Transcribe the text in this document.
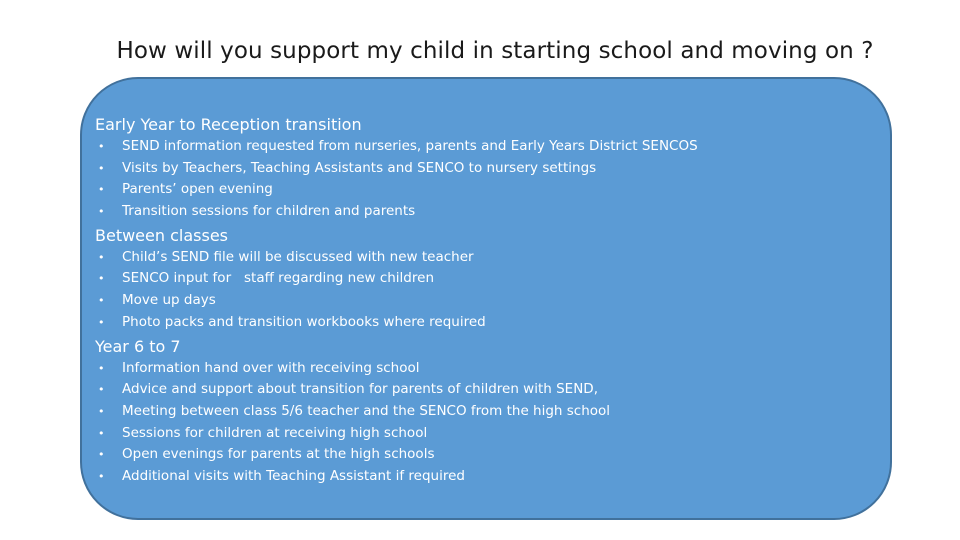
How will you support my child in starting school and moving on ?
Early Year to Reception transition
• SEND information requested from nurseries, parents and Early Years District SENCOS
• Visits by Teachers, Teaching Assistants and SENCO to nursery settings
• Parents’ open evening
• Transition sessions for children and parents
Between classes
• Child’s SEND file will be discussed with new teacher
• SENCO input for   staff regarding new children
• Move up days
• Photo packs and transition workbooks where required
Year 6 to 7
• Information hand over with receiving school
• Advice and support about transition for parents of children with SEND,
• Meeting between class 5/6 teacher and the SENCO from the high school
• Sessions for children at receiving high school
• Open evenings for parents at the high schools
• Additional visits with Teaching Assistant if required
